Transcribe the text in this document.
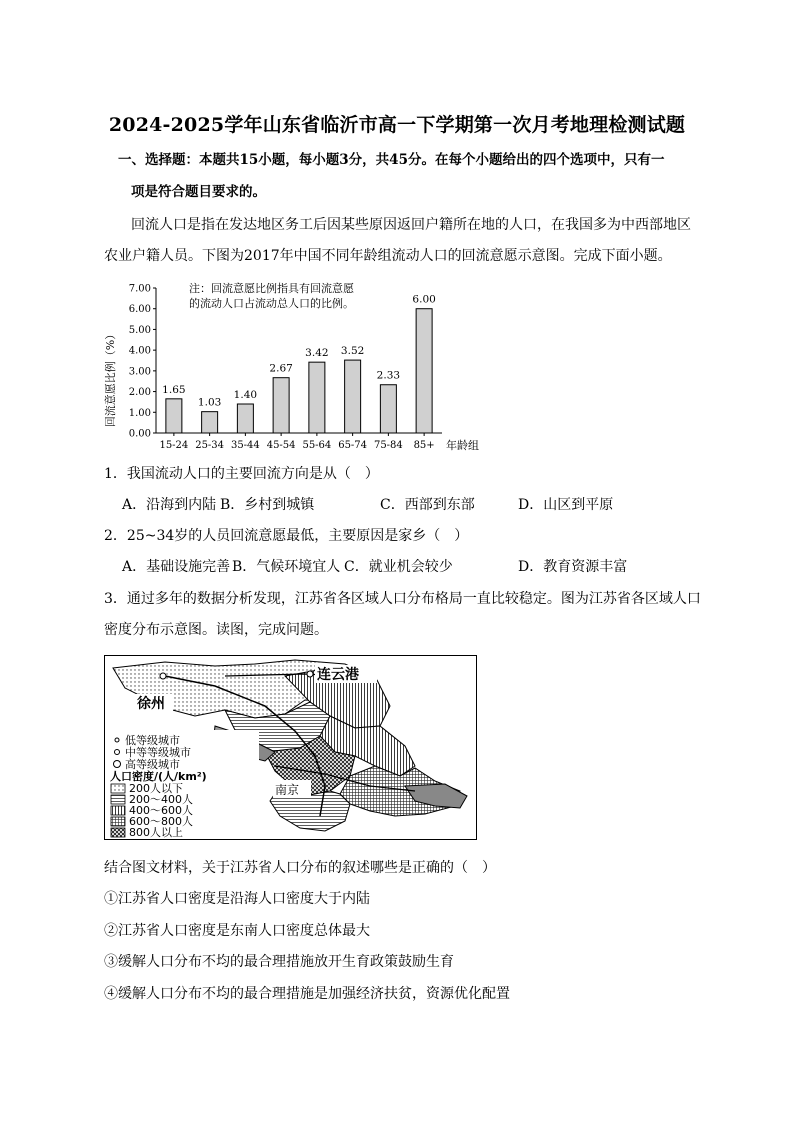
2024-2025学年山东省临沂市高一下学期第一次月考地理检测试题
一、选择题：本题共15小题，每小题3分，共45分。在每个小题给出的四个选项中，只有一
项是符合题目要求的。
回流人口是指在发达地区务工后因某些原因返回户籍所在地的人口，在我国多为中西部地区
农业户籍人员。下图为2017年中国不同年龄组流动人口的回流意愿示意图。完成下面小题。
注：回流意愿比例指具有回流意愿
的流动人口占流动总人口的比例。
回流意愿比例（%）
年龄组
0.00
1.00
2.00
3.00
4.00
5.00
6.00
7.00
1.65
15-24
1.03
25-34
1.40
35-44
2.67
45-54
3.42
55-64
3.52
65-74
2.33
75-84
6.00
85+
1．我国流动人口的主要回流方向是从（　）
A．沿海到内陆 B．乡村到城镇	C．西部到东部	D．山区到平原
2．25~34岁的人员回流意愿最低，主要原因是家乡（　）
A．基础设施完善 B．气候环境宜人 C．就业机会较少	D．教育资源丰富
3．通过多年的数据分析发现，江苏省各区域人口分布格局一直比较稳定。图为江苏省各区域人口
密度分布示意图。读图，完成问题。
连云港
徐州
南京
低等级城市
中等等级城市
高等级城市
人口密度/(人/km²)
200人以下
200～400人
400～600人
600～800人
800人以上
结合图文材料，关于江苏省人口分布的叙述哪些是正确的（　）
①江苏省人口密度是沿海人口密度大于内陆
②江苏省人口密度是东南人口密度总体最大
③缓解人口分布不均的最合理措施放开生育政策鼓励生育
④缓解人口分布不均的最合理措施是加强经济扶贫，资源优化配置
